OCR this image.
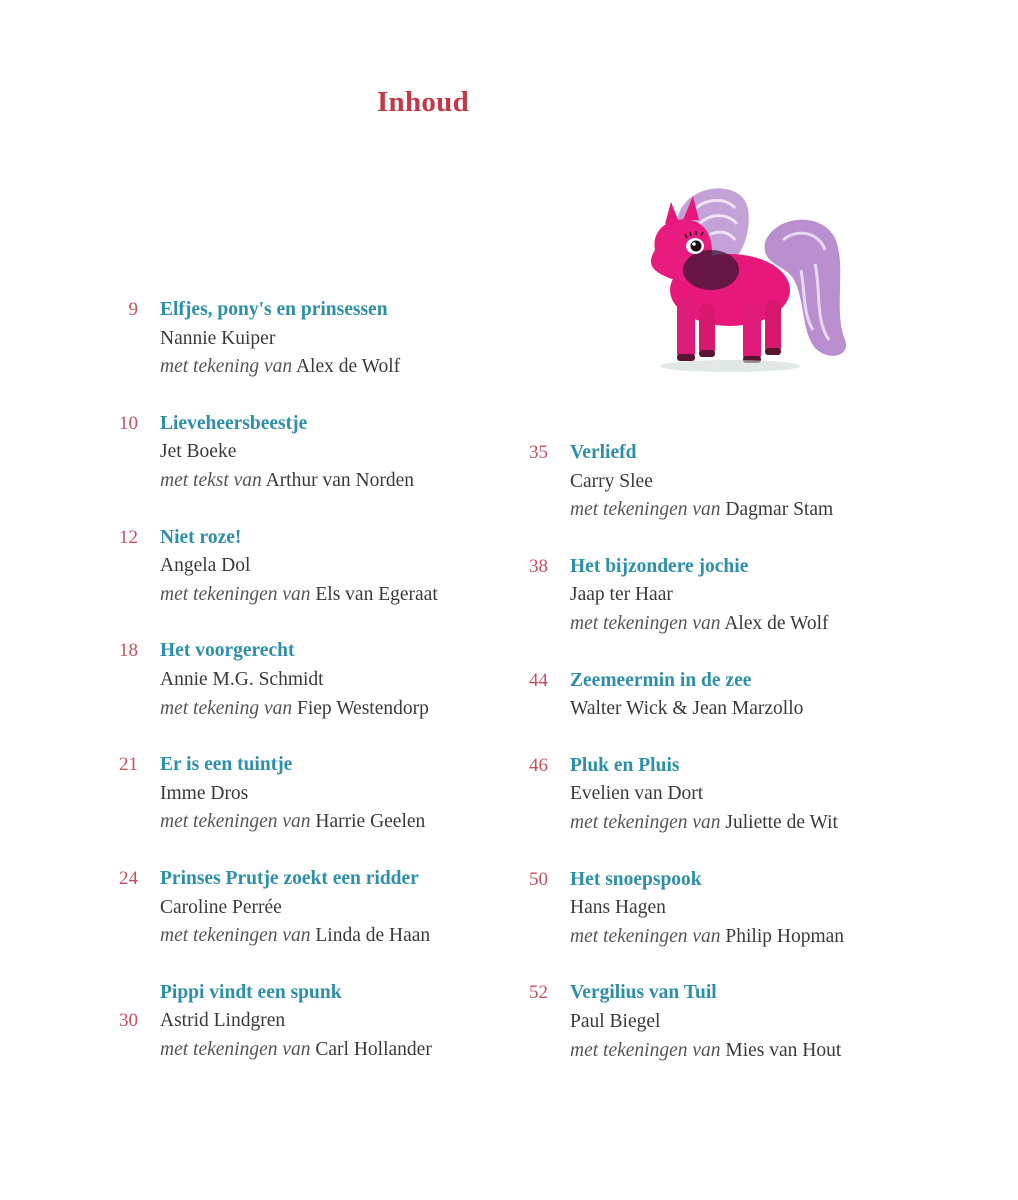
Inhoud
9 Elfjes, pony's en prinsessen
Nannie Kuiper
met tekening van Alex de Wolf
10 Lieveheersbeestje
Jet Boeke
met tekst van Arthur van Norden
12 Niet roze!
Angela Dol
met tekeningen van Els van Egeraat
18 Het voorgerecht
Annie M.G. Schmidt
met tekening van Fiep Westendorp
21 Er is een tuintje
Imme Dros
met tekeningen van Harrie Geelen
24 Prinses Prutje zoekt een ridder
Caroline Perrée
met tekeningen van Linda de Haan
30
Pippi vindt een spunk
Astrid Lindgren
met tekeningen van Carl Hollander
35 Verliefd
Carry Slee
met tekeningen van Dagmar Stam
38 Het bijzondere jochie
Jaap ter Haar
met tekeningen van Alex de Wolf
44 Zeemeermin in de zee
Walter Wick & Jean Marzollo
46 Pluk en Pluis
Evelien van Dort
met tekeningen van Juliette de Wit
50 Het snoepspook
Hans Hagen
met tekeningen van Philip Hopman
52 Vergilius van Tuil
Paul Biegel
met tekeningen van Mies van Hout
